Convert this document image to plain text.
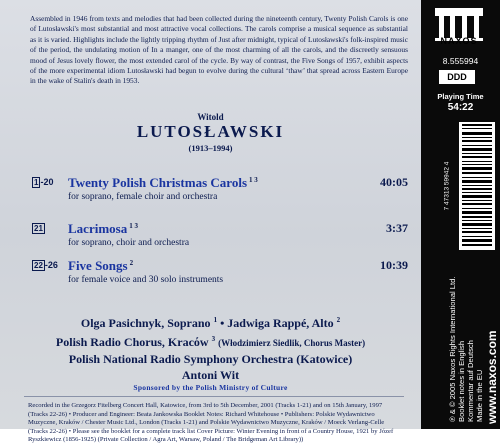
Assembled in 1946 from texts and melodies that had been collected during the nineteenth century, Twenty Polish Carols is one of Lutosławski's most substantial and most attractive vocal collections. The carols comprise a musical sequence as substantial as it is varied. Highlights include the lightly tripping rhythm of Just after midnight, typical of Lutosławski's folk-inspired music of the period, the undulating motion of In a manger, one of the most charming of all the carols, and the discreetly sensuous mood of Jesus lovely flower, the most extended carol of the cycle. By way of contrast, the Five Songs of 1957, exhibit aspects of the more experimental idiom Lutosławski had begun to evolve during the cultural ‘thaw’ that spread across Eastern Europe in the wake of Stalin's death in 1953.
Witold
LUTOSŁAWSKI
(1913–1994)
1 -20 Twenty Polish Christmas Carols $^{1 3}$
for soprano, female choir and orchestra
40:05
21 Lacrimosa $^{1 3}$
for soprano, choir and orchestra
3:37
22 -26 Five Songs $^2$
for female voice and 30 solo instruments
10:39
Olga Pasichnyk, Soprano $^1$ • Jadwiga Rappé, Alto $^2$
Polish Radio Chorus, Kracόw $^3$ (Włodzimierz Siedlik, Chorus Master)
Polish National Radio Symphony Orchestra (Katowice)
Antoni Wit
Sponsored by the Polish Ministry of Culture
Recorded in the Grzegorz Fitelberg Concert Hall, Katowice, from 3rd to 5th December, 2001 (Tracks 1-21) and on 15th January, 1997 (Tracks 22-26) • Producer and Engineer: Beata Jankowska Booklet Notes: Richard Whitehouse • Publishers: Polskie Wydawnictwo Muzyczne, Kraków / Chester Music Ltd., London (Tracks 1-21) and Polskie Wydawnictwo Muzyczne, Kraków / Moeck Verlang-Celle (Tracks 22-26) • Please see the booklet for a complete track list Cover Picture: Winter Evening in front of a Country House, 1921 by Józef Ryszkiewicz (1856-1925) (Private Collection / Agra Art, Warsaw, Poland / The Bridgeman Art Library))
NAXOS
8.555994
DDD
Playing Time
54:22
7 47313 59942 4
℗ & © 2005 Naxos Rights International Ltd. Booklet notes in English Kommentar auf Deutsch Made in the EU www.naxos.com
